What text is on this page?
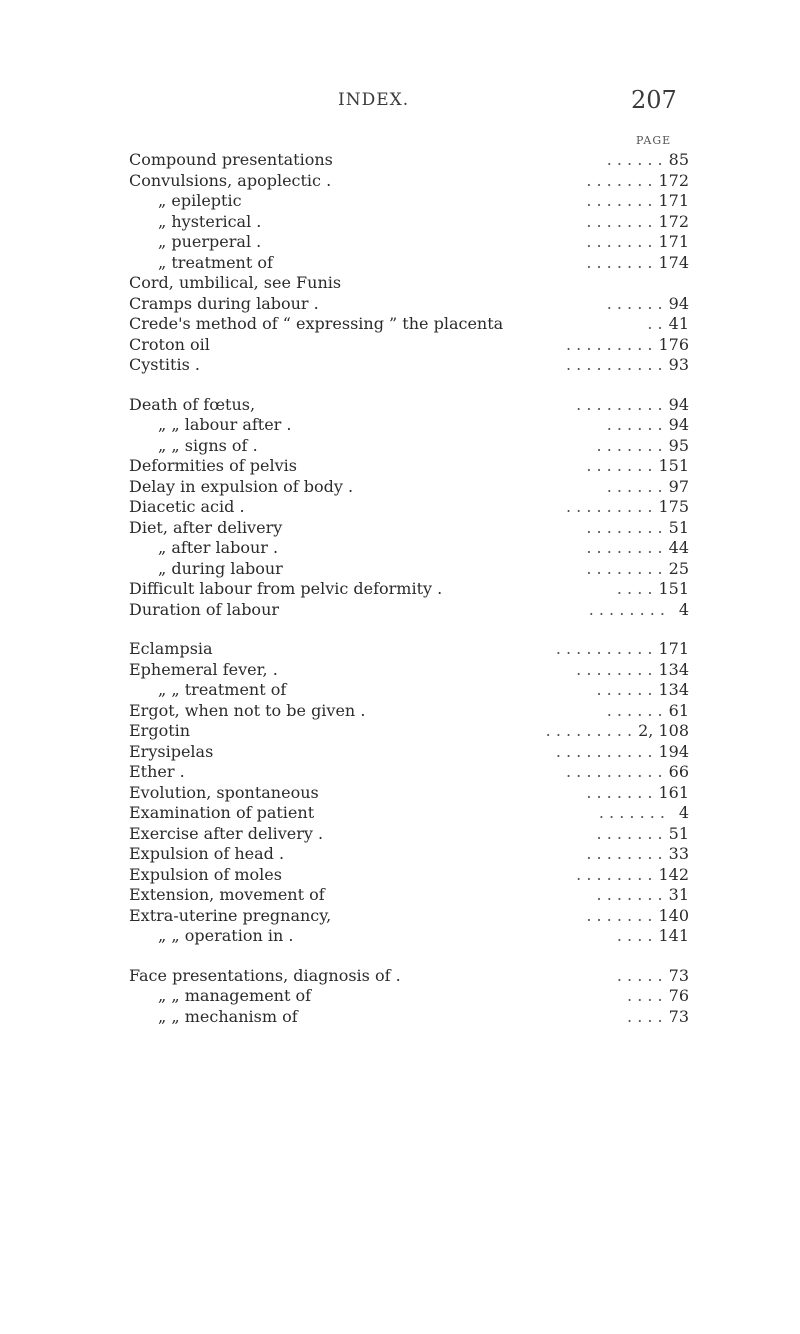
INDEX.	207
PAGE
Compound presentations	. . . . . . 85
Convulsions, apoplectic .	. . . . . . . 172
„ epileptic	. . . . . . . 171
„ hysterical .	. . . . . . . 172
„ puerperal .	. . . . . . . 171
„ treatment of	. . . . . . . 174
Cord, umbilical, see Funis
Cramps during labour .	. . . . . . 94
Crede's method of “ expressing ” the placenta	. . 41
Croton oil	. . . . . . . . . 176
Cystitis .	. . . . . . . . . . 93
Death of fœtus,	. . . . . . . . . 94
„ „ labour after .	. . . . . . 94
„ „ signs of .	. . . . . . . 95
Deformities of pelvis	. . . . . . . 151
Delay in expulsion of body .	. . . . . . 97
Diacetic acid .	. . . . . . . . . 175
Diet, after delivery	. . . . . . . . 51
„ after labour .	. . . . . . . . 44
„ during labour	. . . . . . . . 25
Difficult labour from pelvic deformity .	. . . . 151
Duration of labour	. . . . . . . . 4
Eclampsia	. . . . . . . . . . 171
Ephemeral fever, .	. . . . . . . . 134
„ „ treatment of	. . . . . . 134
Ergot, when not to be given .	. . . . . . 61
Ergotin	. . . . . . . . . 2, 108
Erysipelas	. . . . . . . . . . 194
Ether .	. . . . . . . . . . 66
Evolution, spontaneous	. . . . . . . 161
Examination of patient	. . . . . . . 4
Exercise after delivery .	. . . . . . . 51
Expulsion of head .	. . . . . . . . 33
Expulsion of moles	. . . . . . . . 142
Extension, movement of	. . . . . . . 31
Extra-uterine pregnancy,	. . . . . . . 140
„ „ operation in .	. . . . 141
Face presentations, diagnosis of .	. . . . . 73
„ „ management of	. . . . 76
„ „ mechanism of	. . . . 73
